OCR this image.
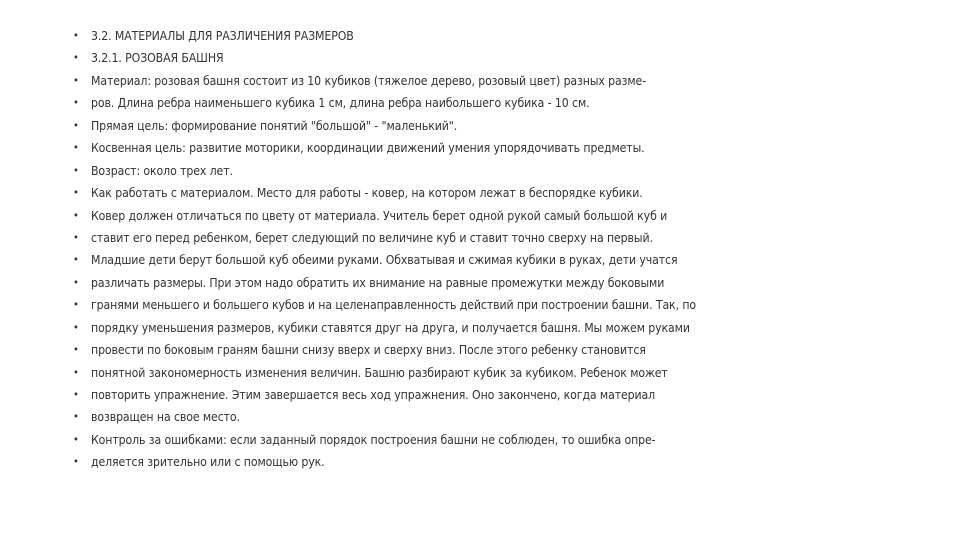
• 3.2. МАТЕРИАЛЫ ДЛЯ РАЗЛИЧЕНИЯ РАЗМЕРОВ
• 3.2.1. РОЗОВАЯ БАШНЯ
• Материал: розовая башня состоит из 10 кубиков (тяжелое дерево, розовый цвет) разных разме-
• ров. Длина ребра наименьшего кубика 1 см, длина ребра наибольшего кубика - 10 см.
• Прямая цель: формирование понятий "большой" - "маленький".
• Косвенная цель: развитие моторики, координации движений умения упорядочивать предметы.
• Возраст: около трех лет.
• Как работать с материалом. Место для работы - ковер, на котором лежат в беспорядке кубики.
• Ковер должен отличаться по цвету от материала. Учитель берет одной рукой самый большой куб и
• ставит его перед ребенком, берет следующий по величине куб и ставит точно сверху на первый.
• Младшие дети берут большой куб обеими руками. Обхватывая и сжимая кубики в руках, дети учатся
• различать размеры. При этом надо обратить их внимание на равные промежутки между боковыми
• гранями меньшего и большего кубов и на целенаправленность действий при построении башни. Так, по
• порядку уменьшения размеров, кубики ставятся друг на друга, и получается башня. Мы можем руками
• провести по боковым граням башни снизу вверх и сверху вниз. После этого ребенку становится
• понятной закономерность изменения величин. Башню разбирают кубик за кубиком. Ребенок может
• повторить упражнение. Этим завершается весь ход упражнения. Оно закончено, когда материал
• возвращен на свое место.
• Контроль за ошибками: если заданный порядок построения башни не соблюден, то ошибка опре-
• деляется зрительно или с помощью рук.
